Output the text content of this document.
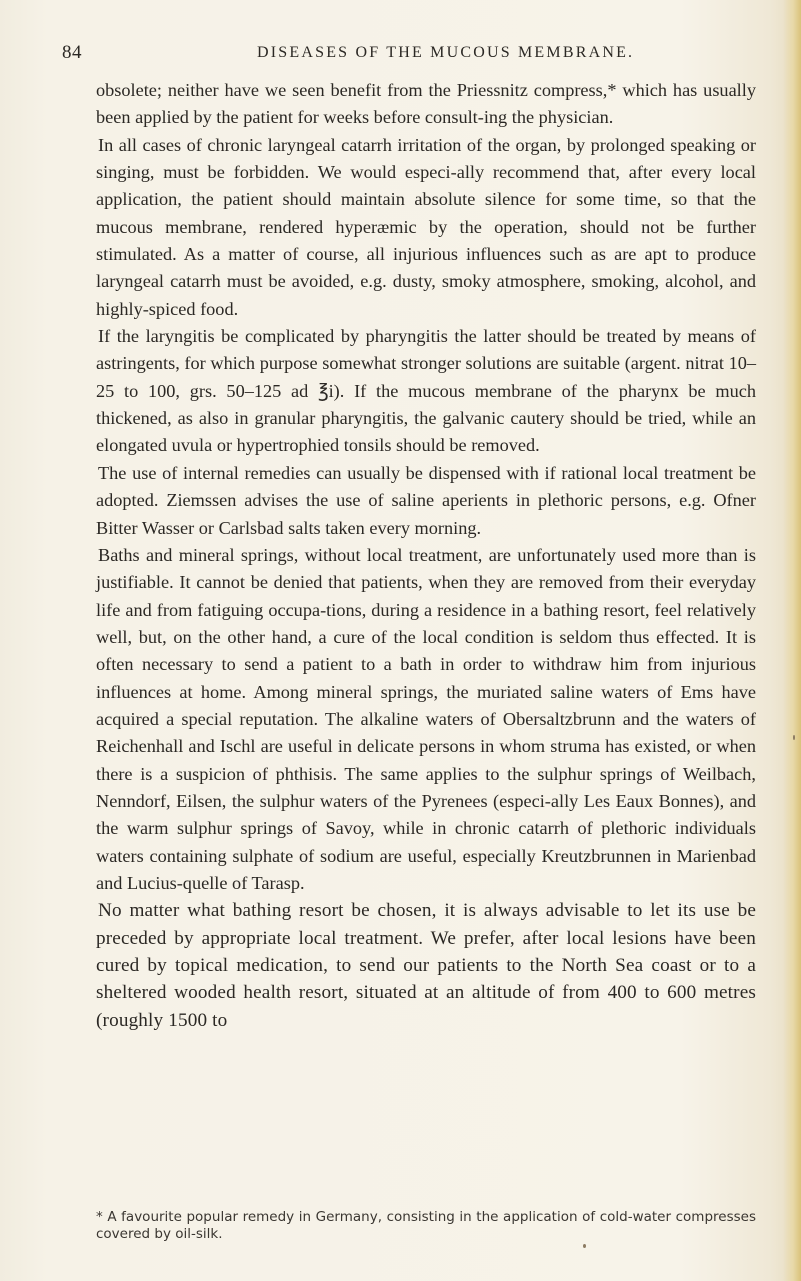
84	DISEASES OF THE MUCOUS MEMBRANE.

obsolete; neither have we seen benefit from the Priessnitz compress,* which has usually been applied by the patient for weeks before consult-ing the physician.

In all cases of chronic laryngeal catarrh irritation of the organ, by prolonged speaking or singing, must be forbidden. We would especi-ally recommend that, after every local application, the patient should maintain absolute silence for some time, so that the mucous membrane, rendered hyperæmic by the operation, should not be further stimulated. As a matter of course, all injurious influences such as are apt to produce laryngeal catarrh must be avoided, e.g. dusty, smoky atmosphere, smoking, alcohol, and highly-spiced food.

If the laryngitis be complicated by pharyngitis the latter should be treated by means of astringents, for which purpose somewhat stronger solutions are suitable (argent. nitrat 10–25 to 100, grs. 50–125 ad ℥i). If the mucous membrane of the pharynx be much thickened, as also in granular pharyngitis, the galvanic cautery should be tried, while an elongated uvula or hypertrophied tonsils should be removed.

The use of internal remedies can usually be dispensed with if rational local treatment be adopted. Ziemssen advises the use of saline aperients in plethoric persons, e.g. Ofner Bitter Wasser or Carlsbad salts taken every morning.

Baths and mineral springs, without local treatment, are unfortunately used more than is justifiable. It cannot be denied that patients, when they are removed from their everyday life and from fatiguing occupa-tions, during a residence in a bathing resort, feel relatively well, but, on the other hand, a cure of the local condition is seldom thus effected. It is often necessary to send a patient to a bath in order to withdraw him from injurious influences at home. Among mineral springs, the muriated saline waters of Ems have acquired a special reputation. The alkaline waters of Obersaltzbrunn and the waters of Reichenhall and Ischl are useful in delicate persons in whom struma has existed, or when there is a suspicion of phthisis. The same applies to the sulphur springs of Weilbach, Nenndorf, Eilsen, the sulphur waters of the Pyrenees (especi-ally Les Eaux Bonnes), and the warm sulphur springs of Savoy, while in chronic catarrh of plethoric individuals waters containing sulphate of sodium are useful, especially Kreutzbrunnen in Marienbad and Lucius-quelle of Tarasp.

No matter what bathing resort be chosen, it is always advisable to let its use be preceded by appropriate local treatment. We prefer, after local lesions have been cured by topical medication, to send our patients to the North Sea coast or to a sheltered wooded health resort, situated at an altitude of from 400 to 600 metres (roughly 1500 to

* A favourite popular remedy in Germany, consisting in the application of cold-water compresses covered by oil-silk.
